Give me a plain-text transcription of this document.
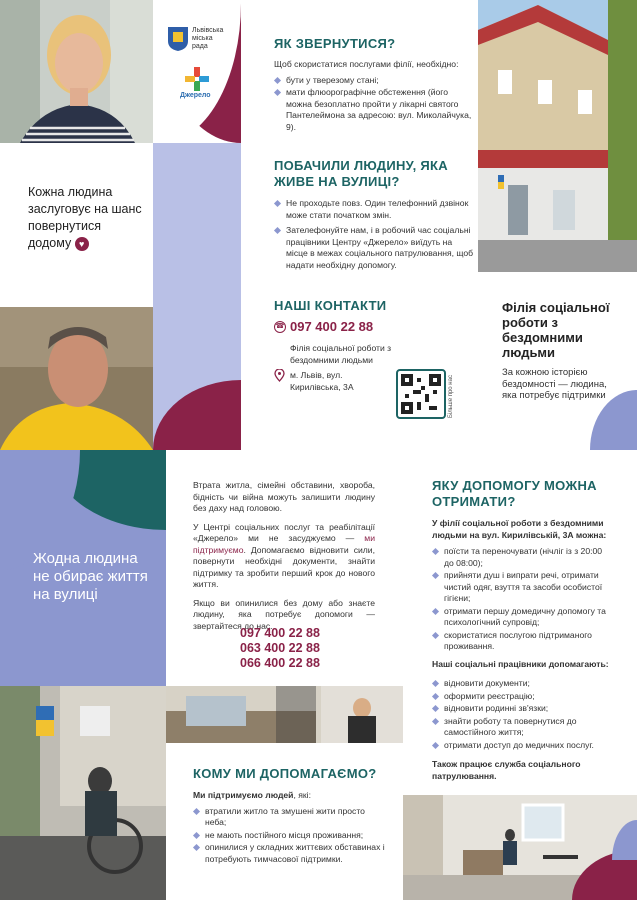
Львівська
міська
рада
Джерело
Кожна людина заслуговує на шанс повернутися додому ♥
ЯК ЗВЕРНУТИСЯ?
Щоб скористатися послугами філії, необхідно:
бути у тверезому стані;
мати флюорографічне обстеження (його можна безоплатно пройти у лікарні святого Пантелеймона за адресою: вул. Миколайчука, 9).
ПОБАЧИЛИ ЛЮДИНУ, ЯКА ЖИВЕ НА ВУЛИЦІ?
Не проходьте повз. Один телефонний дзвінок може стати початком змін.
Зателефонуйте нам, і в робочий час соціальні працівники Центру «Джерело» виїдуть на місце в межах соціального патрулювання, щоб надати необхідну допомогу.
НАШІ КОНТАКТИ
☎ 097 400 22 88
Філія соціальної роботи з бездомними людьми
м. Львів, вул. Кирилівська, 3А	Більше про нас
Філія соціальної роботи з бездомними людьми
За кожною історією бездомності — людина, яка потребує підтримки
Жодна людина не обирає життя на вулиці

Втрата житла, сімейні обставини, хвороба, бідність чи війна можуть залишити людину без даху над головою.

У Центрі соціальних послуг та реабілітації «Джерело» ми не засуджуємо — ми підтримуємо. Допомагаємо відновити сили, повернути необхідні документи, знайти підтримку та зробити перший крок до нового життя.

Якщо ви опинилися без дому або знаєте людину, яка потребує допомоги — звертайтеся до нас.

097 400 22 88
063 400 22 88
066 400 22 88
ЯКУ ДОПОМОГУ МОЖНА ОТРИМАТИ?
У філії соціальної роботи з бездомними людьми на вул. Кирилівській, 3А можна:
поїсти та переночувати (нічліг із з 20:00 до 08:00);
прийняти душ і випрати речі, отримати чистий одяг, взуття та засоби особистої гігієни;
отримати першу домедичну допомогу та психологічний супровід;
скористатися послугою підтриманого проживання.
Наші соціальні працівники допомагають:
відновити документи;
оформити реєстрацію;
відновити родинні зв'язки;
знайти роботу та повернутися до самостійного життя;
отримати доступ до медичних послуг.
Також працює служба соціального патрулювання.
КОМУ МИ ДОПОМАГАЄМО?
Ми підтримуємо людей, які:
втратили житло та змушені жити просто неба;
не мають постійного місця проживання;
опинилися у складних життєвих обставинах і потребують тимчасової підтримки.
